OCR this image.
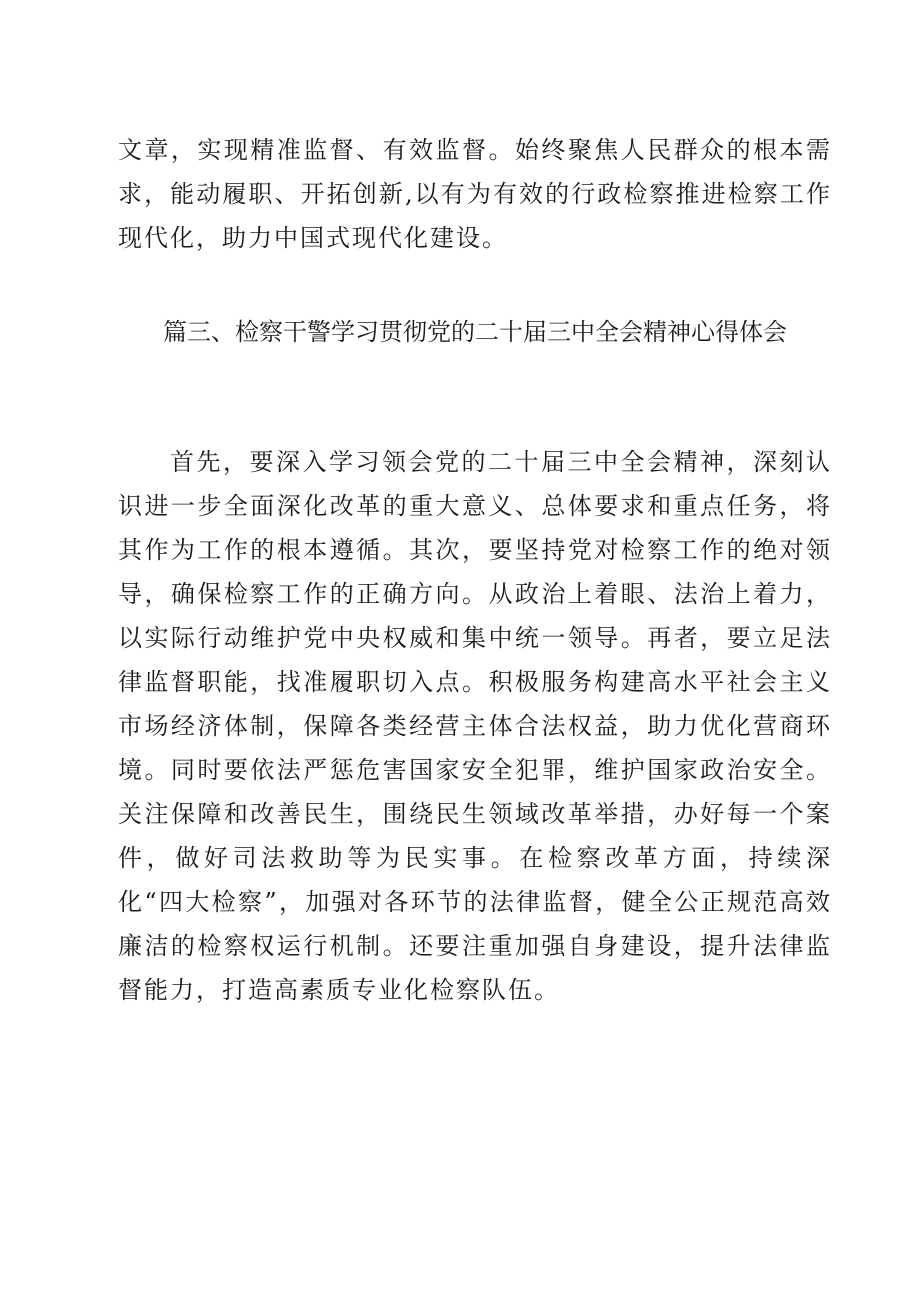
文章，实现精准监督、有效监督。始终聚焦人民群众的根本需求，能动履职、开拓创新,以有为有效的行政检察推进检察工作现代化，助力中国式现代化建设。

篇三、检察干警学习贯彻党的二十届三中全会精神心得体会

首先，要深入学习领会党的二十届三中全会精神，深刻认识进一步全面深化改革的重大意义、总体要求和重点任务，将其作为工作的根本遵循。其次，要坚持党对检察工作的绝对领导，确保检察工作的正确方向。从政治上着眼、法治上着力，以实际行动维护党中央权威和集中统一领导。再者，要立足法律监督职能，找准履职切入点。积极服务构建高水平社会主义市场经济体制，保障各类经营主体合法权益，助力优化营商环境。同时要依法严惩危害国家安全犯罪，维护国家政治安全。关注保障和改善民生，围绕民生领域改革举措，办好每一个案件，做好司法救助等为民实事。在检察改革方面，持续深化“四大检察”，加强对各环节的法律监督，健全公正规范高效廉洁的检察权运行机制。还要注重加强自身建设，提升法律监督能力，打造高素质专业化检察队伍。
